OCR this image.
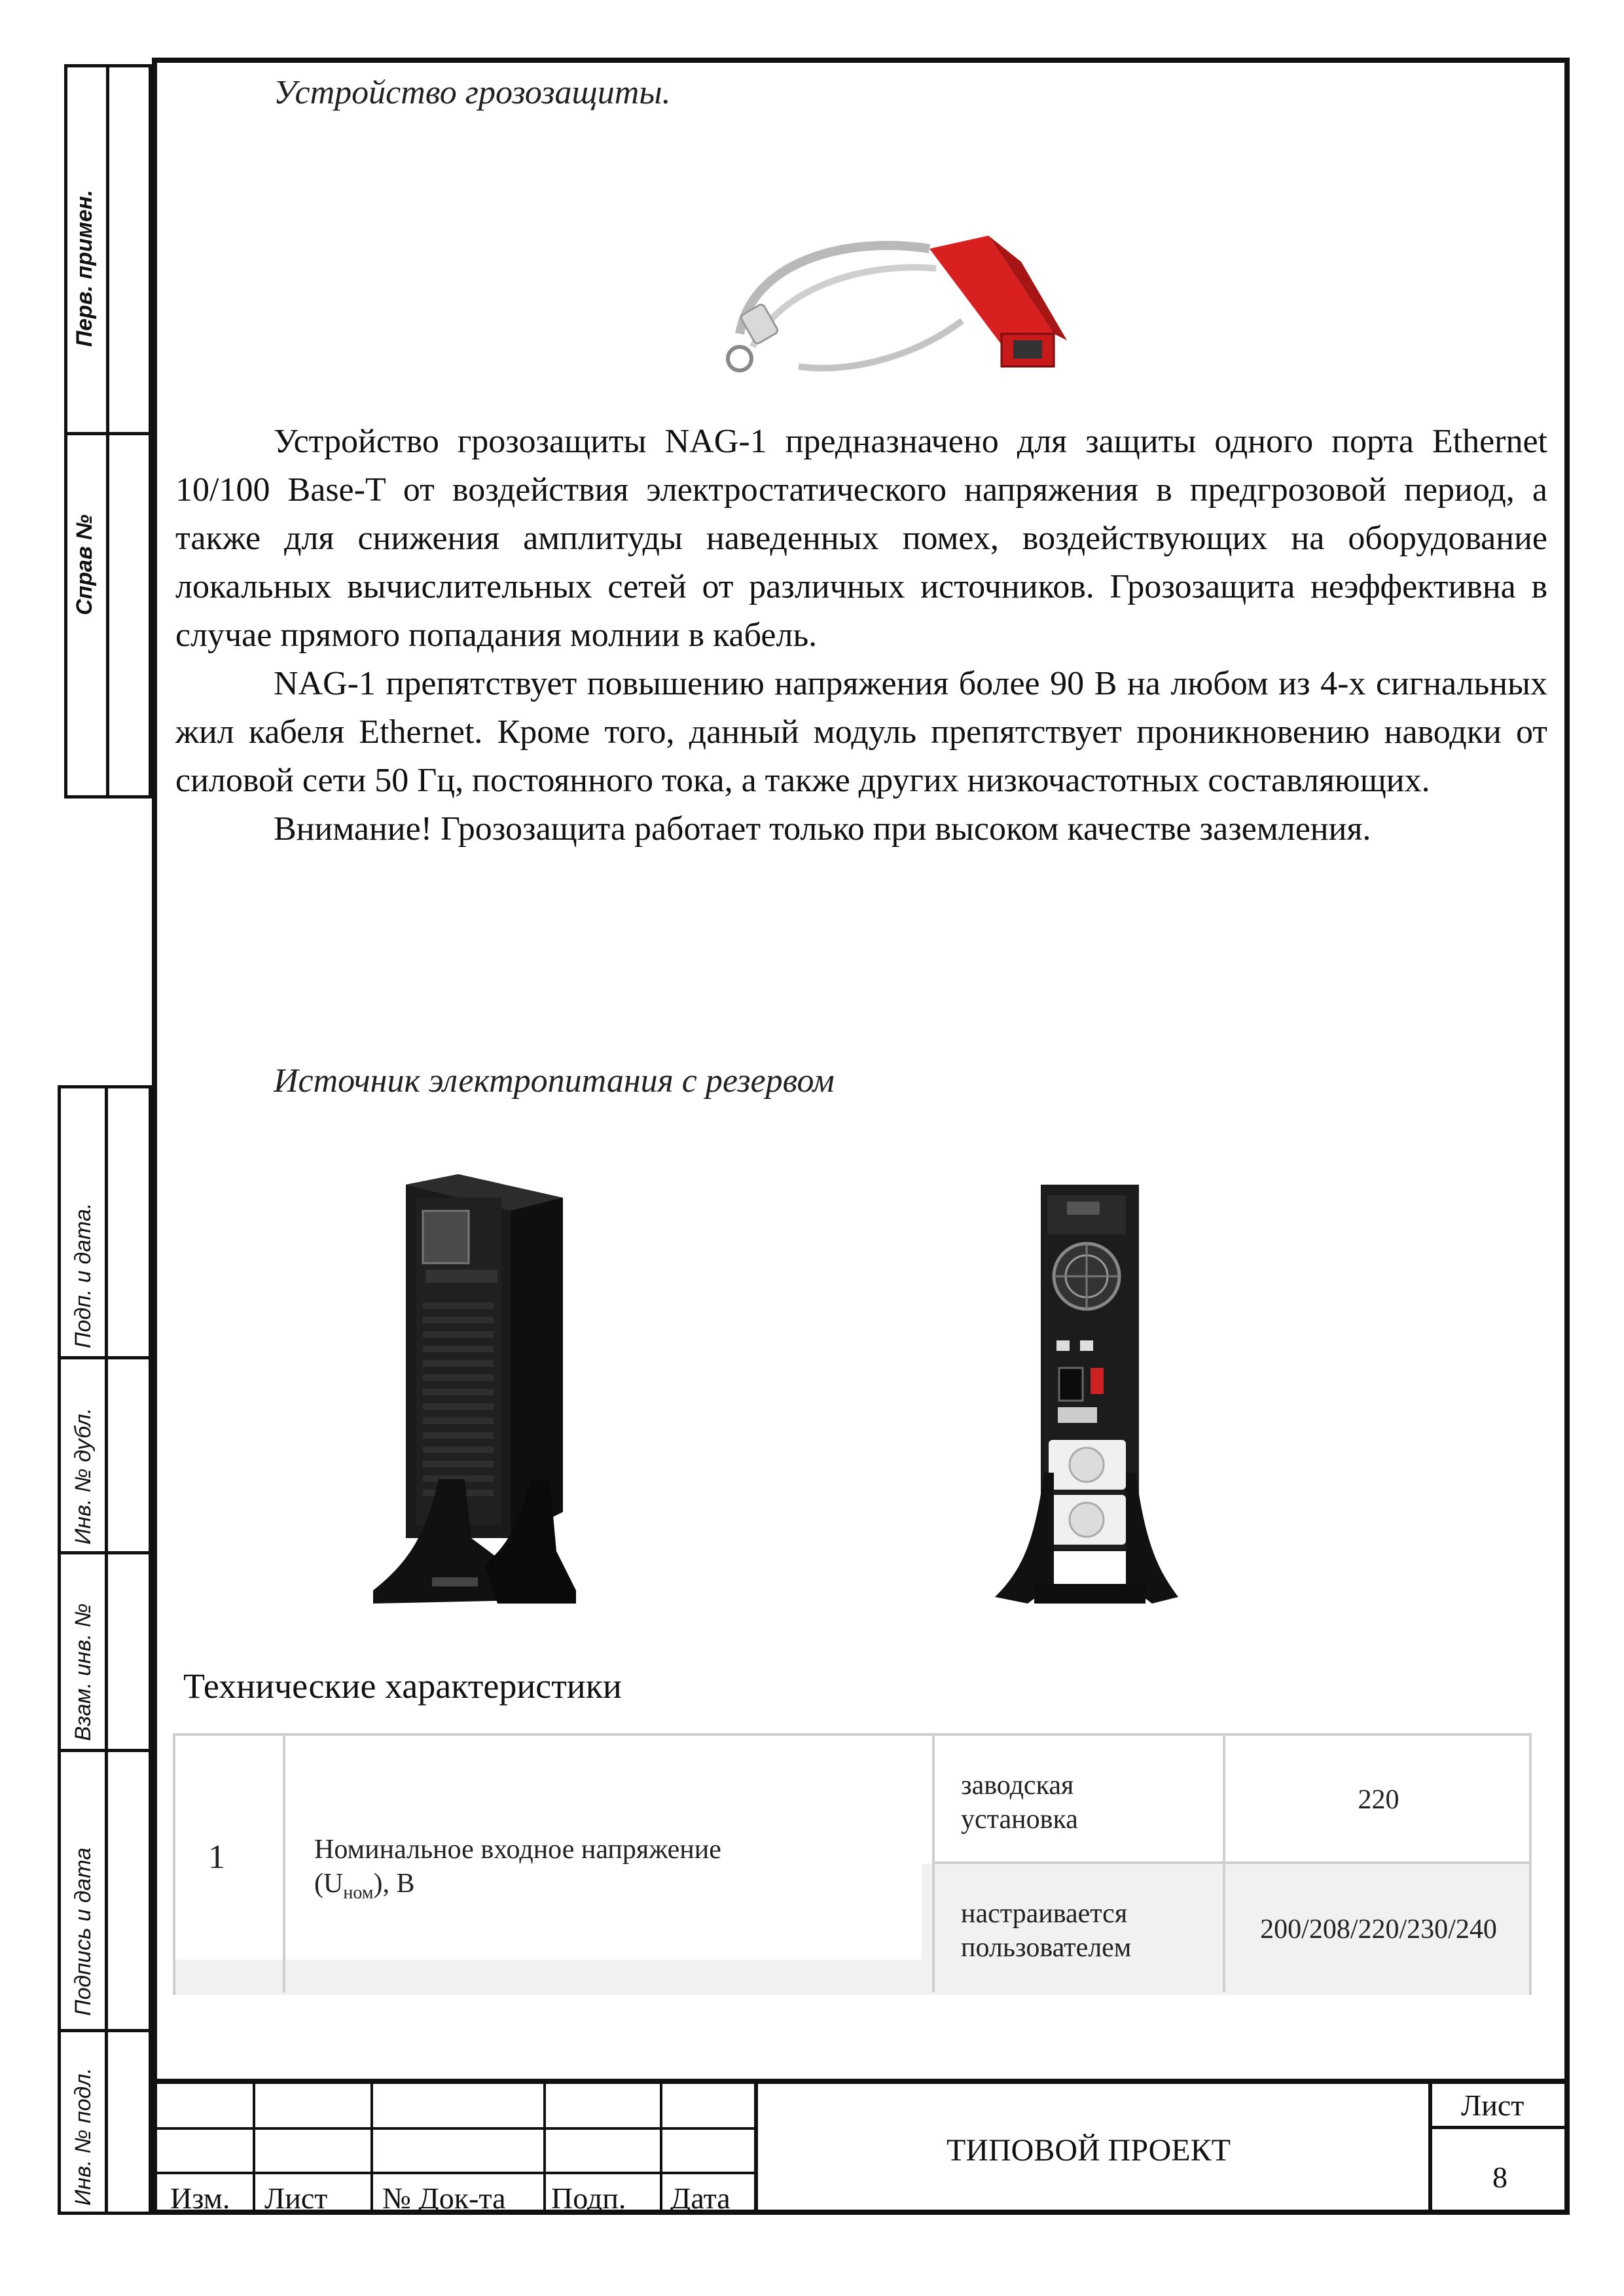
Перв. примен.
Справ №
Подп. и дата.
Инв. № дубл.
Взам. инв. №
Подпись и дата
Инв. № подл.
Устройство грозозащиты.

Устройство грозозащиты NAG-1 предназначено для защиты одного порта Ethernet 10/100 Base-T от воздействия электростатического напряжения в предгрозовой период, а также для снижения амплитуды наведенных помех, воздействующих на оборудование локальных вычислительных сетей от различных источников. Грозозащита неэффективна в случае прямого попадания молнии в кабель.

NAG-1 препятствует повышению напряжения более 90 В на любом из 4-х сигнальных жил кабеля Ethernet. Кроме того, данный модуль препятствует проникновению наводки от силовой сети 50 Гц, постоянного тока, а также других низкочастотных составляющих.

Внимание! Грозозащита работает только при высоком качестве заземления.

Источник электропитания с резервом
Технические характеристики
1	Номинальное входное напряжение
$(U_{ном})$, В
заводская установка
220
настраивается пользователем
200/208/220/230/240
Изм. Лист № Док-та Подп. Дата
ТИПОВОЙ ПРОЕКТ
Лист
8
